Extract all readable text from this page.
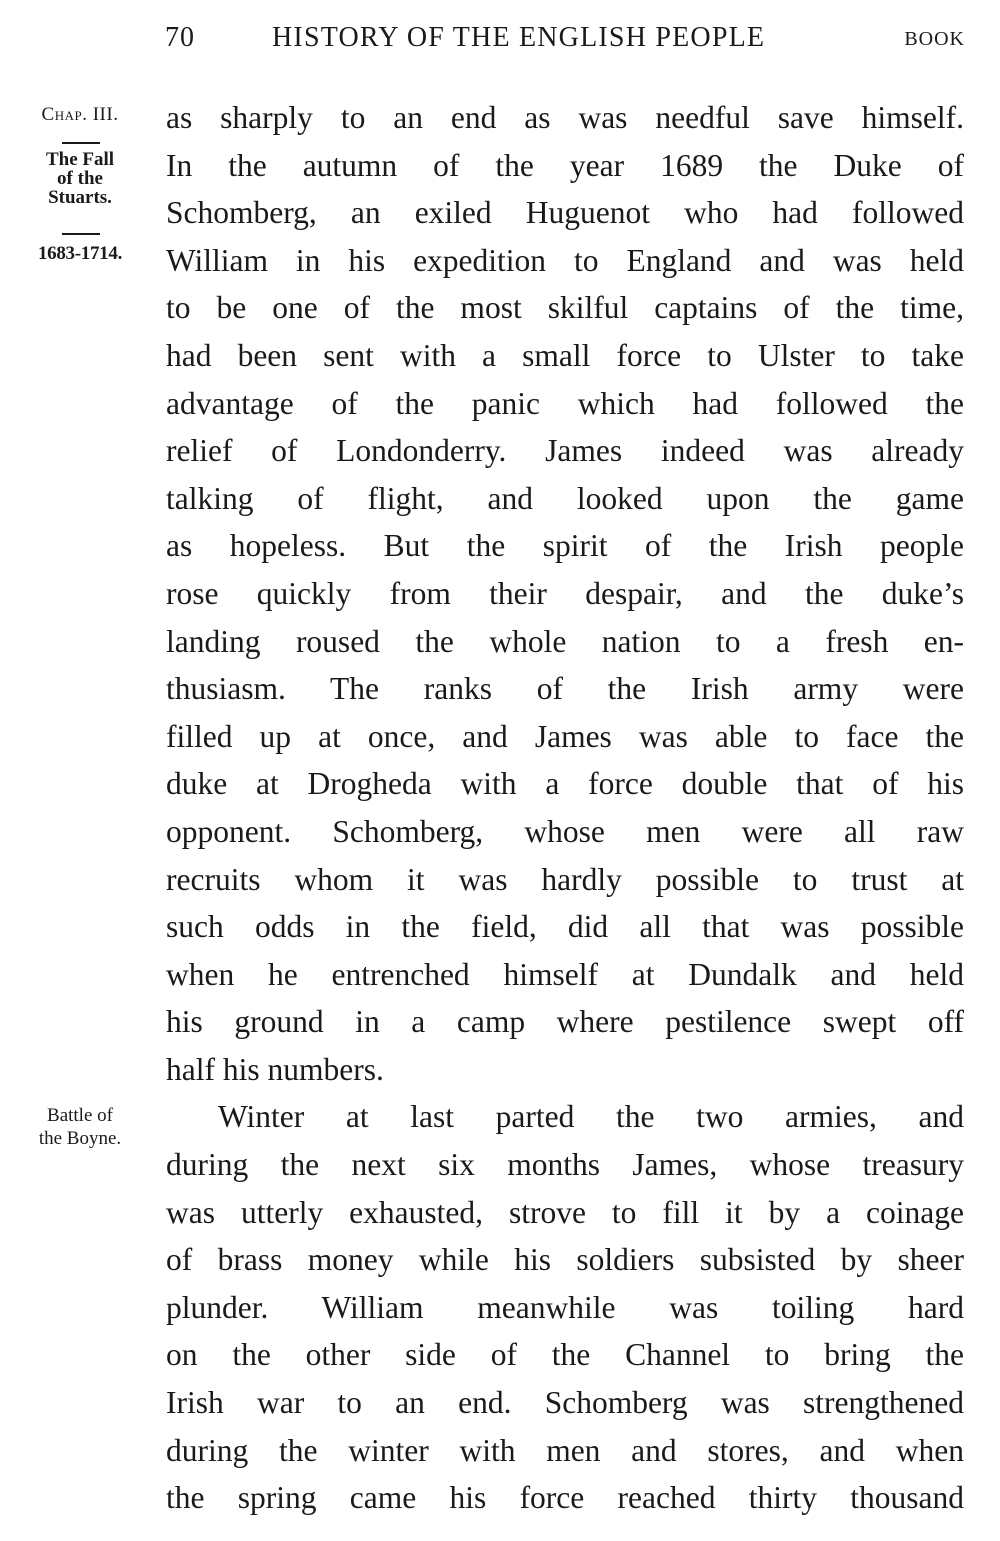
70	HISTORY OF THE ENGLISH PEOPLE	BOOK
Chap. III.
The Fall
of the
Stuarts.
1683-1714.
Battle of
the Boyne.
as sharply to an end as was needful save himself.
In the autumn of the year 1689 the Duke of
Schomberg, an exiled Huguenot who had followed
William in his expedition to England and was held
to be one of the most skilful captains of the time,
had been sent with a small force to Ulster to take
advantage of the panic which had followed the
relief of Londonderry. James indeed was already
talking of flight, and looked upon the game
as hopeless. But the spirit of the Irish people
rose quickly from their despair, and the duke’s
landing roused the whole nation to a fresh en-
thusiasm. The ranks of the Irish army were
filled up at once, and James was able to face the
duke at Drogheda with a force double that of his
opponent. Schomberg, whose men were all raw
recruits whom it was hardly possible to trust at
such odds in the field, did all that was possible
when he entrenched himself at Dundalk and held
his ground in a camp where pestilence swept off
half his numbers.
Winter at last parted the two armies, and
during the next six months James, whose treasury
was utterly exhausted, strove to fill it by a coinage
of brass money while his soldiers subsisted by sheer
plunder. William meanwhile was toiling hard
on the other side of the Channel to bring the
Irish war to an end. Schomberg was strengthened
during the winter with men and stores, and when
the spring came his force reached thirty thousand
